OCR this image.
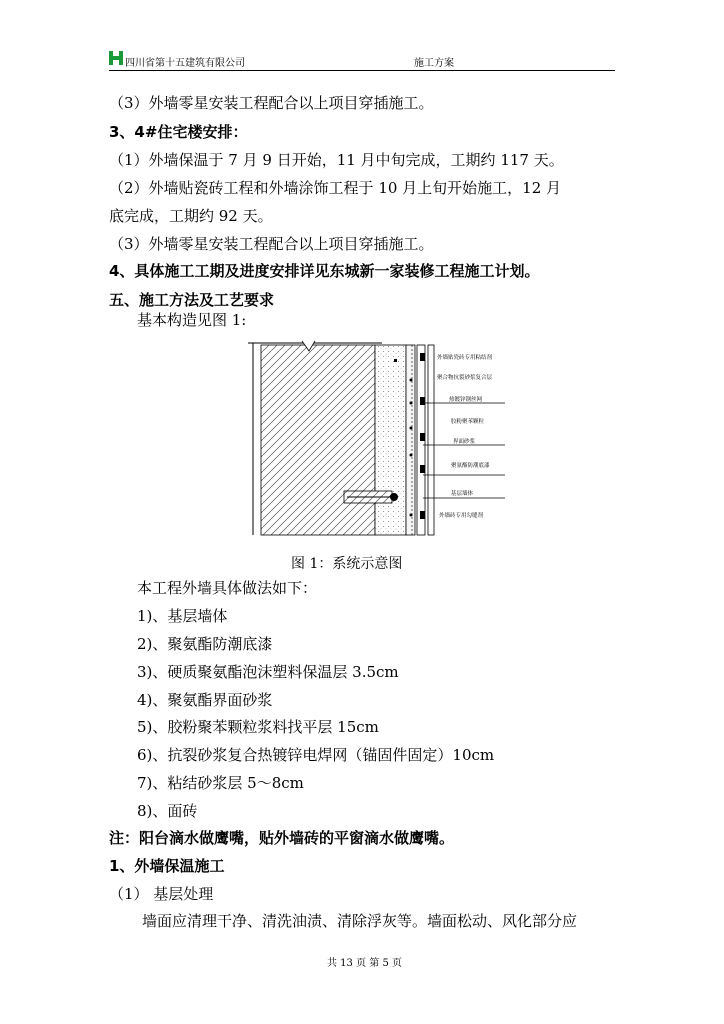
四川省第十五建筑有限公司	施工方案
（3）外墙零星安装工程配合以上项目穿插施工。
3、4#住宅楼安排：
（1）外墙保温于 7 月 9 日开始，11 月中旬完成，工期约 117 天。
（2）外墙贴瓷砖工程和外墙涂饰工程于 10 月上旬开始施工，12 月
底完成，工期约 92 天。
（3）外墙零星安装工程配合以上项目穿插施工。
4、具体施工工期及进度安排详见东城新一家装修工程施工计划。
五、施工方法及工艺要求
基本构造见图 1:
外墙贴瓷砖专用粘结剂
聚合物抗裂砂浆复合层
热镀锌钢丝网
胶粉聚苯颗粒
界面砂浆
聚氨酯防潮底漆
基层墙体
外墙砖专用勾缝剂
图 1：系统示意图
本工程外墙具体做法如下：
1)、基层墙体
2)、聚氨酯防潮底漆
3)、硬质聚氨酯泡沫塑料保温层 3.5cm
4)、聚氨酯界面砂浆
5)、胶粉聚苯颗粒浆料找平层 15cm
6)、抗裂砂浆复合热镀锌电焊网（锚固件固定）10cm
7)、粘结砂浆层 5～8cm
8)、面砖
注：阳台滴水做鹰嘴，贴外墙砖的平窗滴水做鹰嘴。
1、外墙保温施工
（1） 基层处理
墙面应清理干净、清洗油渍、清除浮灰等。墙面松动、风化部分应
共 13 页 第 5 页
